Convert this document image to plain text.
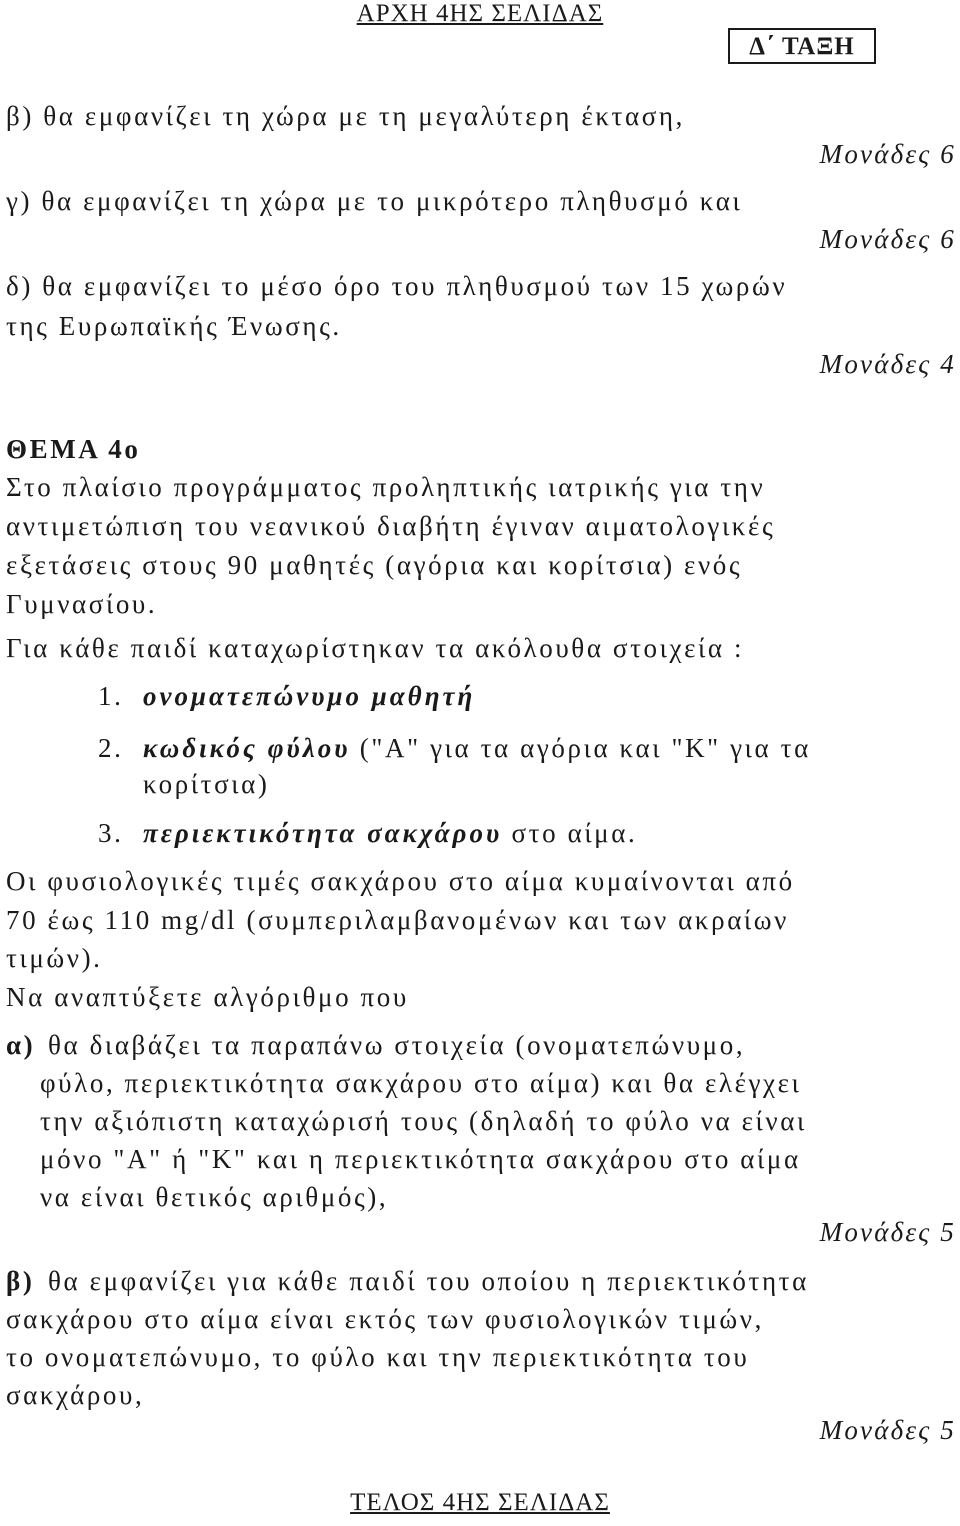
ΑΡΧΗ 4ΗΣ ΣΕΛΙΔΑΣ
Δ΄ ΤΑΞΗ
β) θα εμφανίζει τη χώρα με τη μεγαλύτερη έκταση,
Μονάδες 6
γ) θα εμφανίζει τη χώρα με το μικρότερο πληθυσμό και
Μονάδες 6
δ) θα εμφανίζει το μέσο όρο του πληθυσμού των 15 χωρών
της Ευρωπαϊκής Ένωσης.
Μονάδες 4
ΘΕΜΑ 4ο
Στο πλαίσιο προγράμματος προληπτικής ιατρικής για την
αντιμετώπιση του νεανικού διαβήτη έγιναν αιματολογικές
εξετάσεις στους 90 μαθητές (αγόρια και κορίτσια) ενός
Γυμνασίου.
Για κάθε παιδί καταχωρίστηκαν τα ακόλουθα στοιχεία :
1. ονοματεπώνυμο μαθητή
2. κωδικός φύλου ("Α" για τα αγόρια και "Κ" για τα
κορίτσια)
3. περιεκτικότητα σακχάρου στο αίμα.
Οι φυσιολογικές τιμές σακχάρου στο αίμα κυμαίνονται από
70 έως 110 mg/dl (συμπεριλαμβανομένων και των ακραίων
τιμών).
Να αναπτύξετε αλγόριθμο που
α) θα διαβάζει τα παραπάνω στοιχεία (ονοματεπώνυμο,
φύλο, περιεκτικότητα σακχάρου στο αίμα) και θα ελέγχει
την αξιόπιστη καταχώρισή τους (δηλαδή το φύλο να είναι
μόνο "Α" ή "Κ" και η περιεκτικότητα σακχάρου στο αίμα
να είναι θετικός αριθμός),
Μονάδες 5
β) θα εμφανίζει για κάθε παιδί του οποίου η περιεκτικότητα
σακχάρου στο αίμα είναι εκτός των φυσιολογικών τιμών,
το ονοματεπώνυμο, το φύλο και την περιεκτικότητα του
σακχάρου,
Μονάδες 5
ΤΕΛΟΣ 4ΗΣ ΣΕΛΙΔΑΣ
